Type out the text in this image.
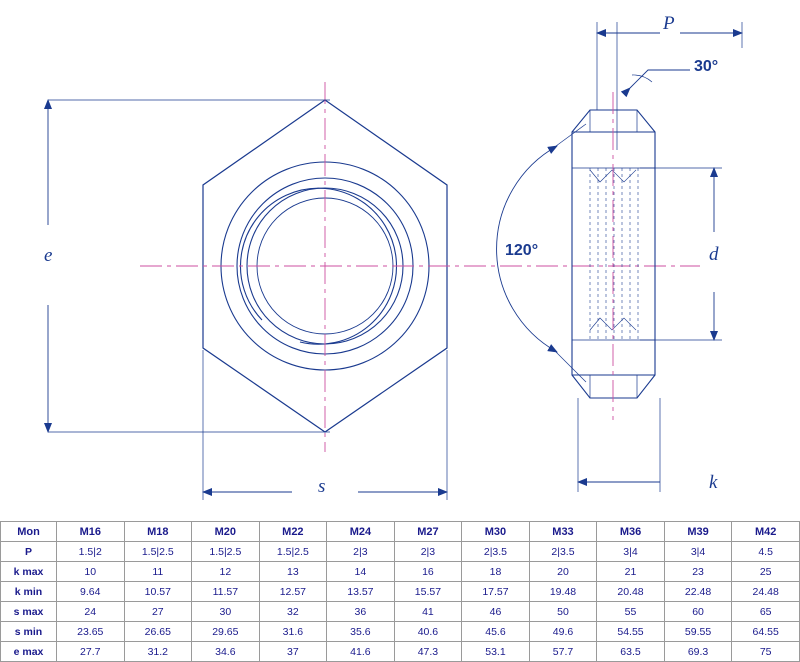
e
s
d
P
k
120°
30°
Mon	M16	M18	M20	M22	M24	M27	M30	M33	M36	M39	M42
P	1.5|2	1.5|2.5	1.5|2.5	1.5|2.5	2|3	2|3	2|3.5	2|3.5	3|4	3|4	4.5
k max	10	11	12	13	14	16	18	20	21	23	25
k min	9.64	10.57	11.57	12.57	13.57	15.57	17.57	19.48	20.48	22.48	24.48
s max	24	27	30	32	36	41	46	50	55	60	65
s min	23.65	26.65	29.65	31.6	35.6	40.6	45.6	49.6	54.55	59.55	64.55
e max	27.7	31.2	34.6	37	41.6	47.3	53.1	57.7	63.5	69.3	75
